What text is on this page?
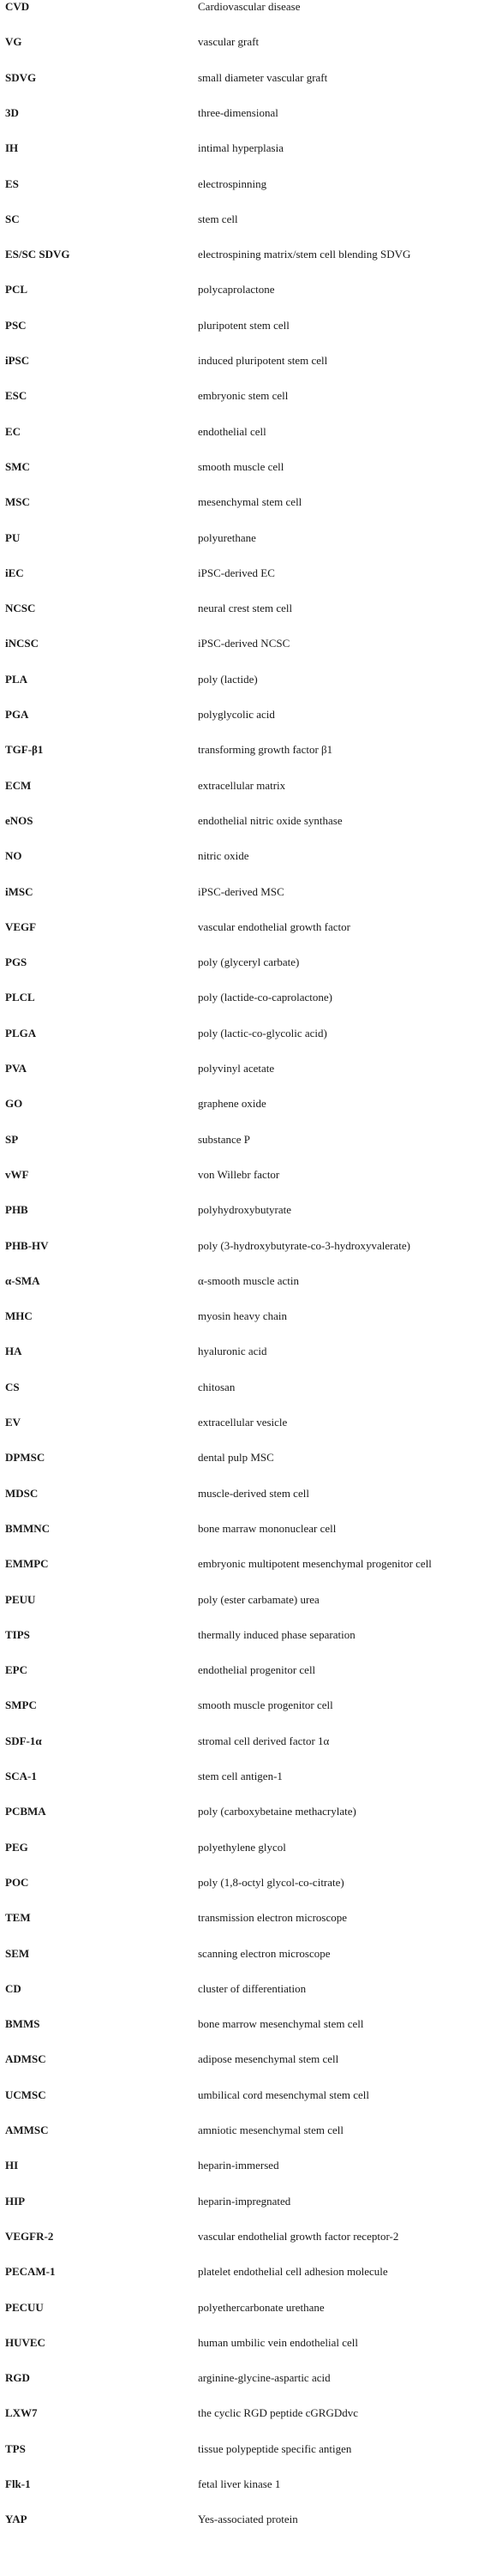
CVD	Cardiovascular disease
VG	vascular graft
SDVG	small diameter vascular graft
3D	three-dimensional
IH	intimal hyperplasia
ES	electrospinning
SC	stem cell
ES/SC SDVG	electrospining matrix/stem cell blending SDVG
PCL	polycaprolactone
PSC	pluripotent stem cell
iPSC	induced pluripotent stem cell
ESC	embryonic stem cell
EC	endothelial cell
SMC	smooth muscle cell
MSC	mesenchymal stem cell
PU	polyurethane
iEC	iPSC-derived EC
NCSC	neural crest stem cell
iNCSC	iPSC-derived NCSC
PLA	poly (lactide)
PGA	polyglycolic acid
TGF-β1	transforming growth factor β1
ECM	extracellular matrix
eNOS	endothelial nitric oxide synthase
NO	nitric oxide
iMSC	iPSC-derived MSC
VEGF	vascular endothelial growth factor
PGS	poly (glyceryl carbate)
PLCL	poly (lactide-co-caprolactone)
PLGA	poly (lactic-co-glycolic acid)
PVA	polyvinyl acetate
GO	graphene oxide
SP	substance P
vWF	von Willebr factor
PHB	polyhydroxybutyrate
PHB-HV	poly (3-hydroxybutyrate-co-3-hydroxyvalerate)
α-SMA	α-smooth muscle actin
MHC	myosin heavy chain
HA	hyaluronic acid
CS	chitosan
EV	extracellular vesicle
DPMSC	dental pulp MSC
MDSC	muscle-derived stem cell
BMMNC	bone marraw mononuclear cell
EMMPC	embryonic multipotent mesenchymal progenitor cell
PEUU	poly (ester carbamate) urea
TIPS	thermally induced phase separation
EPC	endothelial progenitor cell
SMPC	smooth muscle progenitor cell
SDF-1α	stromal cell derived factor 1α
SCA-1	stem cell antigen-1
PCBMA	poly (carboxybetaine methacrylate)
PEG	polyethylene glycol
POC	poly (1,8-octyl glycol-co-citrate)
TEM	transmission electron microscope
SEM	scanning electron microscope
CD	cluster of differentiation
BMMS	bone marrow mesenchymal stem cell
ADMSC	adipose mesenchymal stem cell
UCMSC	umbilical cord mesenchymal stem cell
AMMSC	amniotic mesenchymal stem cell
HI	heparin-immersed
HIP	heparin-impregnated
VEGFR-2	vascular endothelial growth factor receptor-2
PECAM-1	platelet endothelial cell adhesion molecule
PECUU	polyethercarbonate urethane
HUVEC	human umbilic vein endothelial cell
RGD	arginine-glycine-aspartic acid
LXW7	the cyclic RGD peptide cGRGDdvc
TPS	tissue polypeptide specific antigen
Flk-1	fetal liver kinase 1
YAP	Yes-associated protein
